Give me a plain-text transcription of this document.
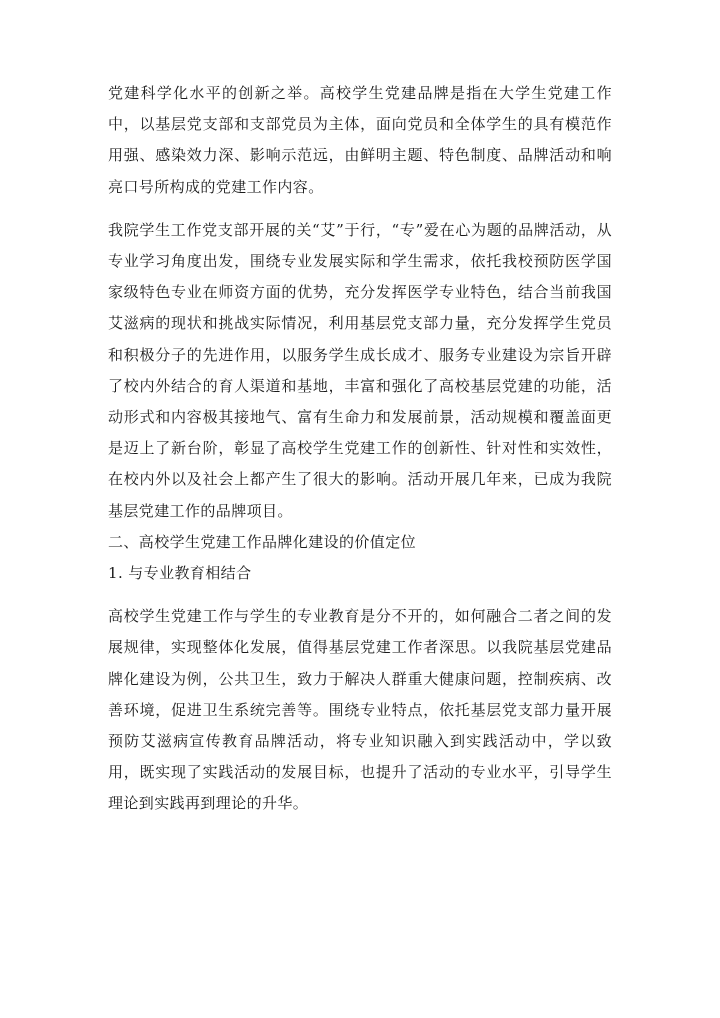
党建科学化水平的创新之举。高校学生党建品牌是指在大学生党建工作中，以基层党支部和支部党员为主体，面向党员和全体学生的具有模范作用强、感染效力深、影响示范远，由鲜明主题、特色制度、品牌活动和响亮口号所构成的党建工作内容。

我院学生工作党支部开展的关“艾”于行，“专”爱在心为题的品牌活动，从专业学习角度出发，围绕专业发展实际和学生需求，依托我校预防医学国家级特色专业在师资方面的优势，充分发挥医学专业特色，结合当前我国艾滋病的现状和挑战实际情况，利用基层党支部力量，充分发挥学生党员和积极分子的先进作用，以服务学生成长成才、服务专业建设为宗旨开辟了校内外结合的育人渠道和基地，丰富和强化了高校基层党建的功能，活动形式和内容极其接地气、富有生命力和发展前景，活动规模和覆盖面更是迈上了新台阶，彰显了高校学生党建工作的创新性、针对性和实效性，在校内外以及社会上都产生了很大的影响。活动开展几年来，已成为我院基层党建工作的品牌项目。

二、高校学生党建工作品牌化建设的价值定位

1. 与专业教育相结合

高校学生党建工作与学生的专业教育是分不开的，如何融合二者之间的发展规律，实现整体化发展，值得基层党建工作者深思。以我院基层党建品牌化建设为例，公共卫生，致力于解决人群重大健康问题，控制疾病、改善环境，促进卫生系统完善等。围绕专业特点，依托基层党支部力量开展预防艾滋病宣传教育品牌活动，将专业知识融入到实践活动中，学以致用，既实现了实践活动的发展目标，也提升了活动的专业水平，引导学生理论到实践再到理论的升华。
